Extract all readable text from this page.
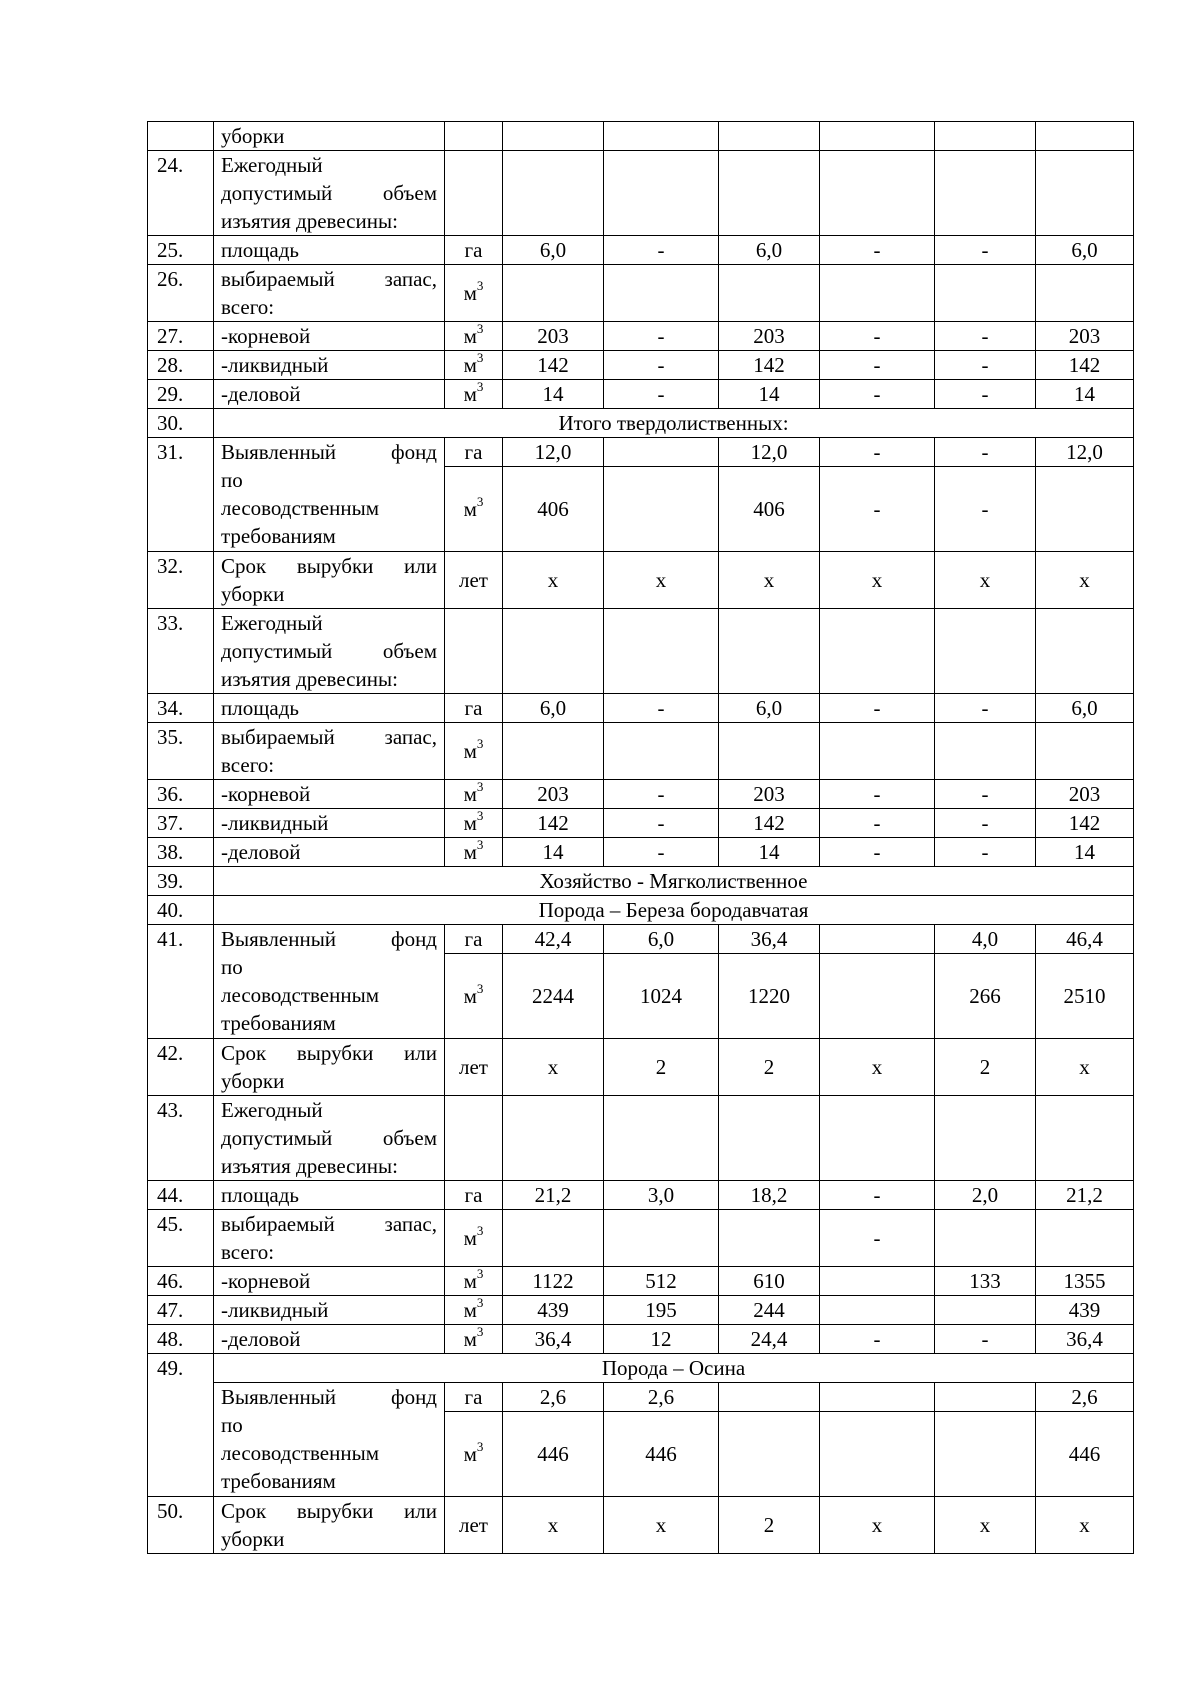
	уборки							
24.	Ежегодный
допустимый объем
изъятия древесины:							

25.	площадь	га	6,0	-	6,0	-	-	6,0
26.	выбираемый запас,
всего:	$м^3$						
27.	-корневой	$м^3$	203	-	203	-	-	203
28.	-ликвидный	$м^3$	142	-	142	-	-	142
29.	-деловой	$м^3$	14	-	14	-	-	14
30.	Итого твердолиственных:							
31.	Выявленный фонд
по
лесоводственным
требованиям	га	12,0		12,0	-	-	12,0
		$м^3$	406		406	-	-	
32.	Срок вырубки или
уборки	лет	х	х	х	х	х	х
33.	Ежегодный
допустимый объем
изъятия древесины:							

34.	площадь	га	6,0	-	6,0	-	-	6,0
35.	выбираемый запас,
всего:	$м^3$						
36.	-корневой	$м^3$	203	-	203	-	-	203
37.	-ликвидный	$м^3$	142	-	142	-	-	142
38.	-деловой	$м^3$	14	-	14	-	-	14
39.	Хозяйство - Мягколиственное							
40.	Порода – Береза бородавчатая							
41.	Выявленный фонд
по
лесоводственным
требованиям	га	42,4	6,0	36,4		4,0	46,4
		$м^3$	2244	1024	1220		266	2510
42.	Срок вырубки или
уборки	лет	х	2	2	х	2	х
43.	Ежегодный
допустимый объем
изъятия древесины:							

44.	площадь	га	21,2	3,0	18,2	-	2,0	21,2
45.	выбираемый запас,
всего:	$м^3$				-		
46.	-корневой	$м^3$	1122	512	610		133	1355
47.	-ликвидный	$м^3$	439	195	244			439
48.	-деловой	$м^3$	36,4	12	24,4	-	-	36,4
49.	Порода – Осина							

	Выявленный фонд
по
лесоводственным
требованиям	га	2,6	2,6				2,6
		$м^3$	446	446				446
50.	Срок вырубки или
уборки	лет	х	х	2	х	х	х
